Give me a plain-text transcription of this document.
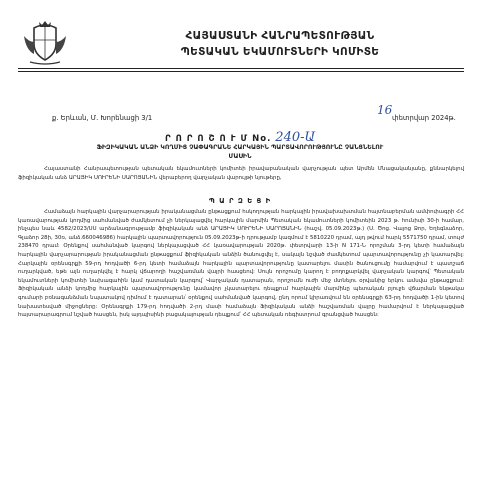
ՀԱՅԱՍՏԱՆԻ ՀԱՆՐԱՊԵՏՈՒԹՅԱՆ
ՊԵՏԱԿԱՆ ԵԿԱՄՈՒՏՆԵՐԻ ԿՈՄԻՏԵ
ք. Երևան, Մ. Խորենացի 3/1
16
փետրվար 2024թ.
Ր Ո Ր Ո Շ Ո Ւ Մ No. 240-Ա
ՖԻԶԻԿԱԿԱՆ ԱՆՁԻ ԿՈՂՄԻՑ ՉԱՓԱԳՐԱՆԵ ՀԱՐԿԱՅԻՆ ՊԱՐՏԱՎՈՐՈՒԹՅՈՒՆԸ ՉԱՆՑՆԵԼՈՒ ՄԱՍԻՆ
Հայաստանի Հանրապետության պետական եկամուտների կոմիտեի իրավաբանական վարչության պետ Արմեն Մնացականյանը, քննարկելով ֆիզիկական անձ ԱՐԱՅԻԿ ՍՈՒՐԵՆԻ ՍԱՐՈՅԱՆԻՆ վերաբերող վարչական վարույթի նյութերը,
Պ Ա Ր Զ Ե Ց Ի
Համաձայն հարկային վարչարարության իրականացման ընթացքում հսկողության հարկային իրավախախտման հայտնաբերման ամփոփագրի ՀՀ կառավարության կողմից սահմանված ժամկետում չի ներկայացվել հարկային մարմին Պետական եկամուտների կոմիտեին 2023 թ. հունիսի 30-ի համար, ինչպես նաև 4582/2023/ՍՍ արձանագրությամբ ֆիզիկական անձ ԱՐԱՅԻԿ ՍՈՒՐԵՆԻ ՍԱՐՈՅԱՆԻՆ (հաշվ. 05.09.2023թ.) (Ս. Ծոց. Վայոց Ձոր, Եղեգնաձոր, Գլաձոր 28ի, 30ռ, անձ.660046986) հարկային պարտավորություն 05.09.2023թ-ի դրությամբ կազմում է 5810220 դրամ, այդ թվում հարկ 5571750 դրամ, տույժ 238470 դրամ: Օրենքով սահմանված կարգով ներկայացված ՀՀ կառավարության 2020թ. փետրվարի 13-ի N 171-Ն որոշման 3-րդ կետի համաձայն հարկային վարչարարության իրականացման ընթացքում ֆիզիկական անձին ծանուցվել է, սակայն նշված ժամկետում պարտավորությունը չի կատարվել: Հարկային օրենսգրքի 59-րդ հոդվածի 6-րդ կետի համաձայն հարկային պարտավորությունը կատարելու մասին ծանուցումը համարվում է պատշաճ ուղարկված, եթե այն ուղարկվել է հարկ վճարողի հաշվառման վայրի հասցեով: Սույն որոշումը կարող է բողոքարկվել վարչական կարգով՝ Պետական եկամուտների կոմիտեի նախագահին կամ դատական կարգով՝ Վարչական դատարան, որոշումն ուժի մեջ մտնելու օրվանից երկու ամսվա ընթացքում: Ֆիզիկական անձի կողմից հարկային պարտավորությունը կամավոր չկատարելու դեպքում հարկային մարմինը պետական բյուջե վճարման ենթակա գումարի բռնագանձման նպատակով դիմում է դատարան՝ օրենքով սահմանված կարգով, ընդ որում կիրառվում են օրենսգրքի 63-րդ հոդվածի 1-ին կետով նախատեսված միջոցները: Օրենսգրքի 179-րդ հոդվածի 2-րդ մասի համաձայն Ֆիզիկական անձի հաշվառման վայրը համարվում է ներկայացված հայտարարագրում նշված հասցեն, իսկ այդպիսինի բացակայության դեպքում՝ ՀՀ պետական ռեգիստրում գրանցված հասցեն:
